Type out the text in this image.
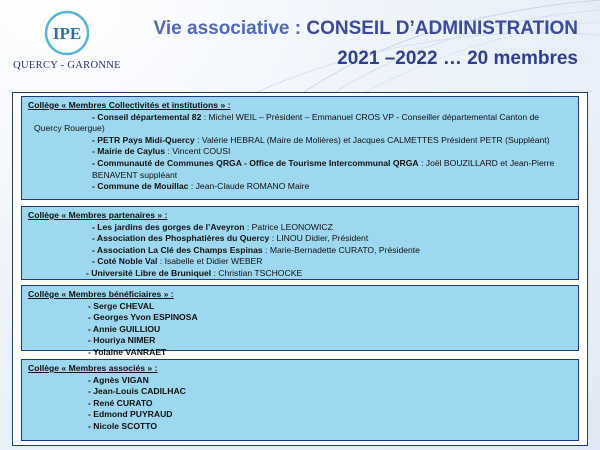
IPE
QUERCY - GARONNE
Vie associative : CONSEIL D’ADMINISTRATION
2021 –2022 … 20 membres
Collège « Membres Collectivités et institutions » :
- Conseil départemental 82 : Michel WEIL – Président – Emmanuel CROS VP - Conseiller départemental Canton de
Quercy Rouergue)
- PETR Pays Midi-Quercy : Valérie HEBRAL (Maire de Molières) et Jacques CALMETTES Président PETR (Suppléant)
- Mairie de Caylus : Vincent COUSI
- Communauté de Communes QRGA - Office de Tourisme Intercommunal QRGA : Joël BOUZILLARD et Jean-Pierre
BENAVENT suppléant
- Commune de Mouillac : Jean-Claude ROMANO Maire
Collège « Membres partenaires » :
- Les jardins des gorges de l’Aveyron : Patrice LEONOWICZ
- Association des Phosphatières du Quercy : LINOU Didier, Président
- Association La Clé des Champs Espinas : Marie-Bernadette CURATO, Présidente
- Coté Noble Val : Isabelle et Didier WEBER
- Université Libre de Bruniquel : Christian TSCHOCKE
Collège « Membres bénéficiaires » :
- Serge CHEVAL
- Georges Yvon ESPINOSA
- Annie GUILLIOU
- Houriya NIMER
- Yolaine VANRAET
Collège « Membres associés » :
- Agnès VIGAN
- Jean-Louis CADILHAC
- René CURATO
- Edmond PUYRAUD
- Nicole SCOTTO
